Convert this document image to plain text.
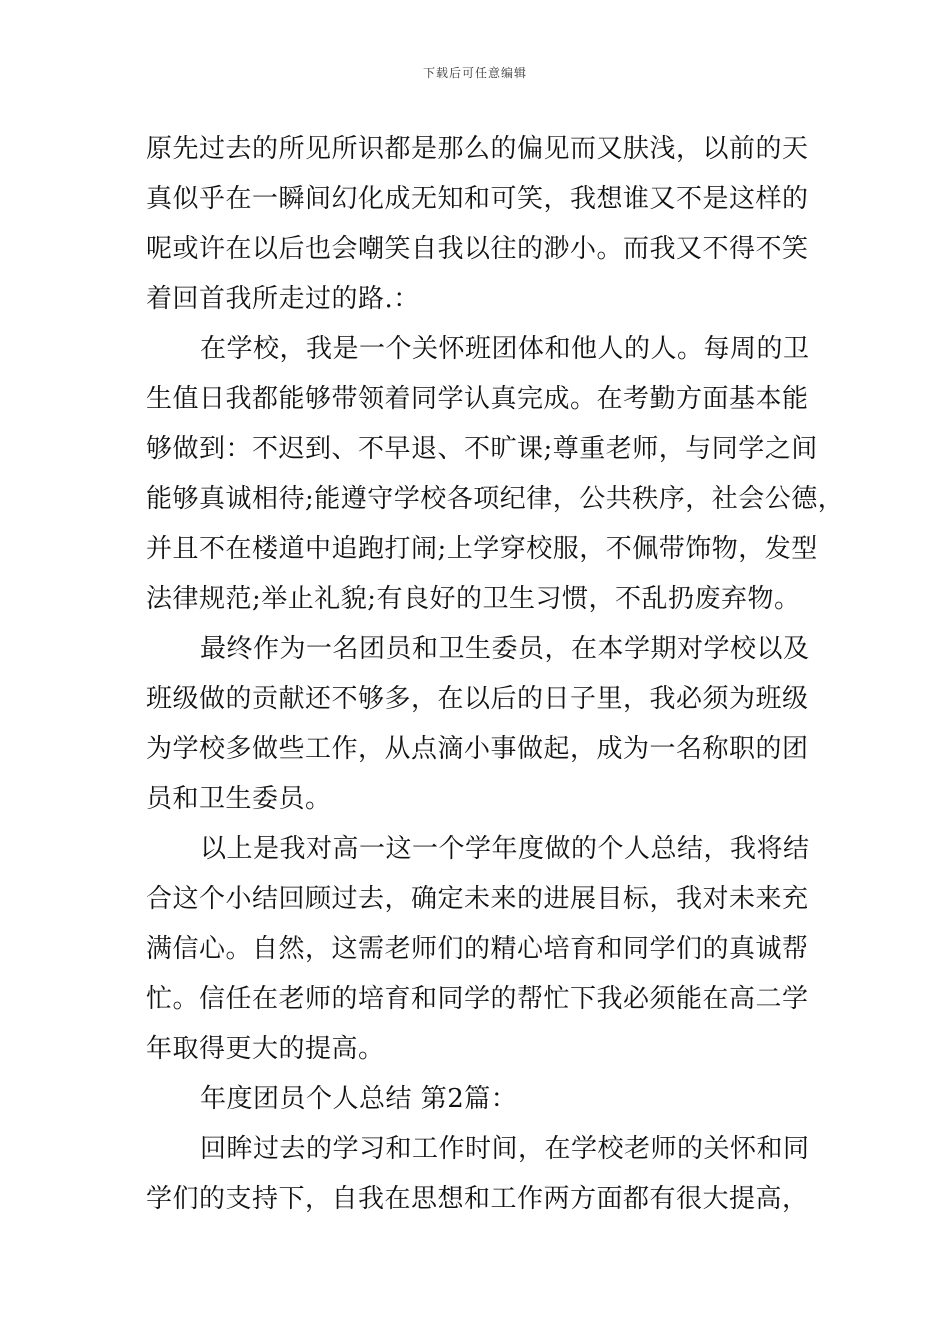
下载后可任意编辑
原先过去的所见所识都是那么的偏见而又肤浅，以前的天
真似乎在一瞬间幻化成无知和可笑，我想谁又不是这样的
呢或许在以后也会嘲笑自我以往的渺小。而我又不得不笑
着回首我所走过的路.：
在学校，我是一个关怀班团体和他人的人。每周的卫
生值日我都能够带领着同学认真完成。在考勤方面基本能
够做到：不迟到、不早退、不旷课;尊重老师，与同学之间
能够真诚相待;能遵守学校各项纪律，公共秩序，社会公德，
并且不在楼道中追跑打闹;上学穿校服，不佩带饰物，发型
法律规范;举止礼貌;有良好的卫生习惯，不乱扔废弃物。
最终作为一名团员和卫生委员，在本学期对学校以及
班级做的贡献还不够多，在以后的日子里，我必须为班级
为学校多做些工作，从点滴小事做起，成为一名称职的团
员和卫生委员。
以上是我对高一这一个学年度做的个人总结，我将结
合这个小结回顾过去，确定未来的进展目标，我对未来充
满信心。自然，这需老师们的精心培育和同学们的真诚帮
忙。信任在老师的培育和同学的帮忙下我必须能在高二学
年取得更大的提高。
年度团员个人总结 第2篇：
回眸过去的学习和工作时间，在学校老师的关怀和同
学们的支持下，自我在思想和工作两方面都有很大提高，
